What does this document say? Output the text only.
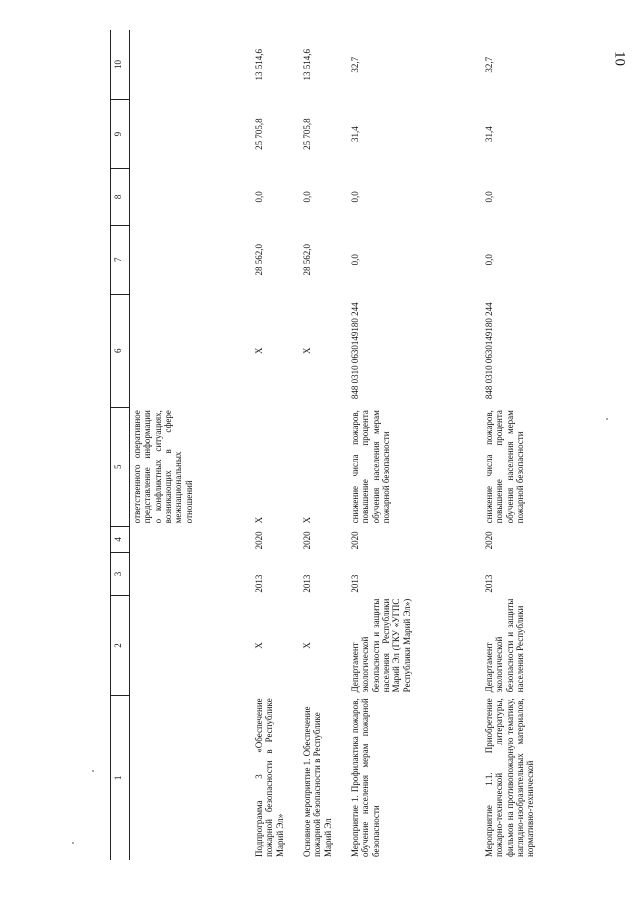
10
1	2	3	4	5	6	7	8	9	10
				ответственного оперативное представление информации о конфликтных ситуациях, возникающих в сфере межнациональных отношений					
Подпрограмма 3 «Обеспечение пожарной безопасности в Республике Марий Эл»	X	2013	2020	X	X	28 562,0	0,0	25 705,8	13 514,6
Основное мероприятие 1. Обеспечение пожарной безопасности в Республике Марий Эл	X	2013	2020	X	X	28 562,0	0,0	25 705,8	13 514,6
Мероприятие 1. Профилактика пожаров, обучение населения мерам пожарной безопасности	Департамент экологической безопасности и защиты населения Республики Марий Эл (ГКУ «УГПС Республики Марий Эл»)	2013	2020	снижение числа пожаров, повышение процента обучения населения мерам пожарной безопасности	848 0310 0630149180 244	0,0	0,0	31,4	32,7
Мероприятие 1.1. Приобретение пожарно-технической литературы, фильмов на противопожарную тематику, наглядно-изобразительных материалов, нормативно-технической	Департамент экологической безопасности и защиты населения Республики	2013	2020	снижение числа пожаров, повышение процента обучения населения мерам пожарной безопасности	848 0310 0630149180 244	0,0	0,0	31,4	32,7
